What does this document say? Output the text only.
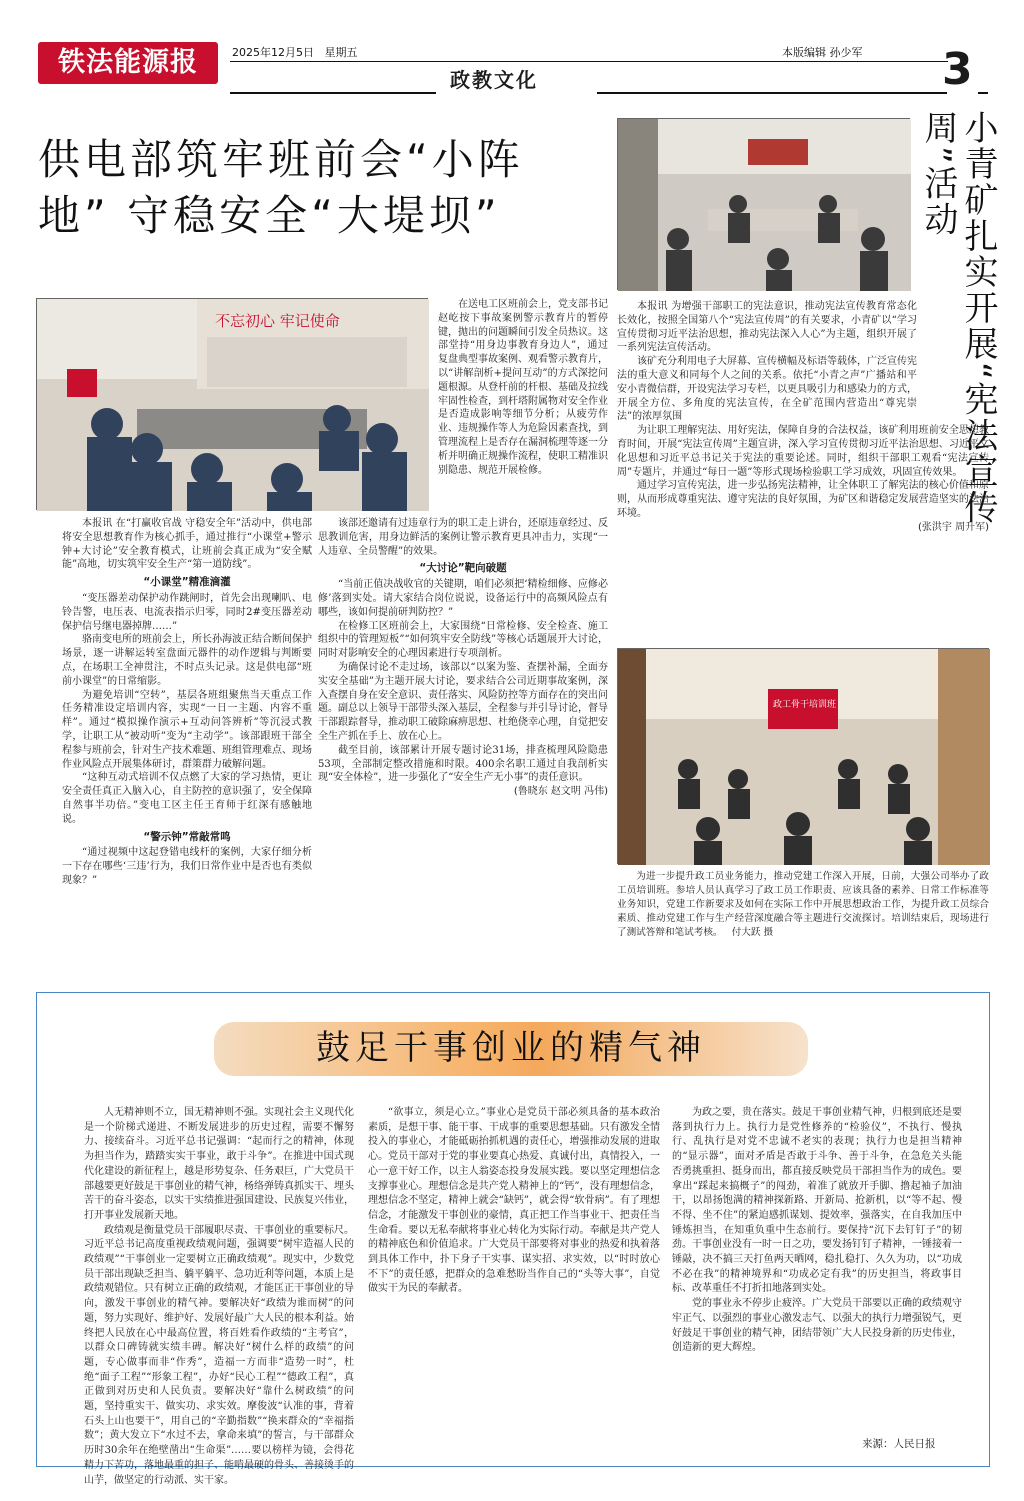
铁法能源报	2025年12月5日 星期五	本版编辑 孙少军
政教文化	3
供电部筑牢班前会“小阵
地” 守稳安全“大堤坝”
不忘初心 牢记使命

在送电工区班前会上，党支部书记赵屹按下事故案例警示教育片的暂停键，抛出的问题瞬间引发全员热议。这部堂持“用身边事教育身边人”，通过复盘典型事故案例、观看警示教育片，以“讲解剖析+提问互动”的方式深挖问题根源。从登杆前的杆根、基础及拉线牢固性检查，到杆塔附属物对安全作业是否造成影响等细节分析；从疲劳作业、违规操作等人为危险因素查找，到管理流程上是否存在漏洞梳理等逐一分析并明确正规操作流程，使职工精准识别隐患、规范开展检修。

本报讯 在“打赢收官战 守稳安全年”活动中，供电部将安全思想教育作为核心抓手，通过推行“小课堂+警示钟+大讨论”安全教育模式，让班前会真正成为“安全赋能”高地，切实筑牢安全生产“第一道防线”。

“小课堂”精准滴灌

“变压器差动保护动作跳闸时，首先会出现喇叭、电铃告警，电压表、电流表指示归零，同时2#变压器差动保护信号继电器掉牌……”

骆南变电所的班前会上，所长孙海波正结合断间保护场景，逐一讲解运转室盘面元器件的动作逻辑与判断要点，在场职工全神贯注，不时点头记录。这是供电部“班前小课堂”的日常缩影。

为避免培训“空转”，基层各班组聚焦当天重点工作任务精准设定培训内容，实现“一日一主题、内容不重样”。通过“模拟操作演示+互动问答辨析”等沉浸式教学，让职工从“被动听”变为“主动学”。该部跟班干部全程参与班前会，针对生产技术难题、班组管理难点、现场作业风险点开展集体研讨，群策群力破解问题。

“这种互动式培训不仅点燃了大家的学习热情，更让安全责任真正入脑入心，自主防控的意识强了，安全保障自然事半功倍。”变电工区主任王育师于红深有感触地说。

“警示钟”常敲常鸣

“通过视频中这起登错电线杆的案例，大家仔细分析一下存在哪些‘三违’行为，我们日常作业中是否也有类似现象？”

该部还邀请有过违章行为的职工走上讲台，还原违章经过、反思教训危害，用身边鲜活的案例让警示教育更具冲击力，实现“一人违章、全员警醒”的效果。

“大讨论”靶向破题

“当前正值决战收官的关键期，咱们必须把‘精检细修、应修必修’落到实处。请大家结合岗位说说，设备运行中的高频风险点有哪些，该如何提前研判防控？”

在检修工区班前会上，大家围绕“日常检修、安全检查、施工组织中的管理短板”“如何筑牢安全防线”等核心话题展开大讨论，同时对影响安全的心理因素进行专项剖析。

为确保讨论不走过场，该部以“以案为鉴、查摆补漏，全面夯实安全基础”为主题开展大讨论，要求结合公司近期事故案例，深入查摆自身在安全意识、责任落实、风险防控等方面存在的突出问题。副总以上领导干部带头深入基层，全程参与并引导讨论，督导干部跟踪督导，推动职工破除麻痹思想、杜绝侥幸心理，自觉把安全生产抓在手上、放在心上。

截至目前，该部累计开展专题讨论31场，排查梳理风险隐患53项，全部制定整改措施和时限。400余名职工通过自我剖析实现“安全体检”，进一步强化了“安全生产无小事”的责任意识。

(鲁晓东 赵文明 冯伟)

小青矿扎实开展“宪法宣传周”活动

本报讯 为增强干部职工的宪法意识，推动宪法宣传教育常态化长效化，按照全国第八个“宪法宣传周”的有关要求，小青矿以“学习宣传贯彻习近平法治思想，推动宪法深入人心”为主题，组织开展了一系列宪法宣传活动。

该矿充分利用电子大屏幕、宣传横幅及标语等载体，广泛宣传宪法的重大意义和同每个人之间的关系。依托“小青之声”广播站和平安小青微信群，开设宪法学习专栏，以更具吸引力和感染力的方式，开展全方位、多角度的宪法宣传，在全矿范围内营造出“尊宪崇法”的浓厚氛围

为让职工理解宪法、用好宪法，保障自身的合法权益，该矿利用班前安全思想教育时间，开展“宪法宣传周”主题宣讲，深入学习宣传贯彻习近平法治思想、习近平文化思想和习近平总书记关于宪法的重要论述。同时，组织干部职工观看“宪法宣传周”专题片，并通过“每日一题”等形式现场检验职工学习成效，巩固宣传效果。

通过学习宣传宪法，进一步弘扬宪法精神，让全体职工了解宪法的核心价值和原则，从而形成尊重宪法、遵守宪法的良好氛围，为矿区和谐稳定发展营造坚实的法治环境。

(张洪宇 周升军)

政工骨干培训班
为进一步提升政工员业务能力，推动党建工作深入开展，日前，大强公司举办了政工员培训班。参培人员认真学习了政工员工作职责、应该具备的素养、日常工作标准等业务知识，党建工作新要求及如何在实际工作中开展思想政治工作，为提升政工员综合素质、推动党建工作与生产经营深度融合等主题进行交流探讨。培训结束后，现场进行了测试答辩和笔试考核。 付大跃 摄
鼓足干事创业的精气神

人无精神则不立，国无精神则不强。实现社会主义现代化是一个阶梯式递进、不断发展进步的历史过程，需要不懈努力、接续奋斗。习近平总书记强调：“起而行之的精神，体现为担当作为，踏踏实实干事业，敢于斗争”。在推进中国式现代化建设的新征程上，越是形势复杂、任务艰巨，广大党员干部越要更好鼓足干事创业的精气神，杨络弹铸真抓实干、埋头苦干的奋斗姿态，以实干实绩推进强国建设、民族复兴伟业，打开事业发展新天地。

政绩观是衡量党员干部履职尽责、干事创业的重要标尺。习近平总书记高度重视政绩观问题，强调要“树牢造福人民的政绩观”“干事创业一定要树立正确政绩观”。现实中，少数党员干部出现缺乏担当、躺平躺平、急功近利等问题，本质上是政绩观错位。只有树立正确的政绩观，才能匡正干事创业的导向，激发干事创业的精气神。要解决好“政绩为谁而树”的问题，努力实现好、维护好、发展好最广大人民的根本利益。始终把人民放在心中最高位置，将百姓看作政绩的“主考官”，以群众口碑铸就实绩丰碑。解决好“树什么样的政绩”的问题，专心做事而非“作秀”，造福一方而非“造势一时”，杜绝“面子工程”“形象工程”，办好“民心工程”“德政工程”，真正做到对历史和人民负责。要解决好“靠什么树政绩”的问题，坚持重实干、做实功、求实效。摩俊波“认准的事，背着石头上山也要干”，用自己的“辛勤指数”“换来群众的“幸福指数”；黄大发立下“水过不去，拿命来填”的誓言，与干部群众历时30余年在绝壁凿出“生命渠”……要以榜样为镜，会得花精力下苦功，落地最重的担子、能啃最硬的骨头、善接烫手的山芋，做坚定的行动派、实干家。

“欲事立，须是心立。”事业心是党员干部必须具备的基本政治素质，是想干事、能干事、干成事的重要思想基础。只有激发全情投入的事业心，才能砥砺抬抓机遇的责任心，增强推动发展的进取心。党员干部对于党的事业要真心热爱、真诚付出，真情投入，一心一意干好工作，以主人翁姿态投身发展实践。要以坚定理想信念支撑事业心。理想信念是共产党人精神上的“钙”，没有理想信念，理想信念不坚定，精神上就会“缺钙”，就会得“软骨病”。有了理想信念，才能激发干事创业的豪情，真正把工作当事业干、把责任当生命看。要以无私奉献将事业心转化为实际行动。奉献是共产党人的精神底色和价值追求。广大党员干部要将对事业的热爱和执着落到具体工作中，扑下身子干实事、谋实招、求实效，以“时时放心不下”的责任感，把群众的急难愁盼当作自己的“头等大事”，自觉做实干为民的奉献者。

为政之要，贵在落实。鼓足干事创业精气神，归根到底还是要落到执行力上。执行力是党性修养的“检验仪”，不执行、慢执行、乱执行是对党不忠诚不老实的表现；执行力也是担当精神的“显示器”，面对矛盾是否敢于斗争、善于斗争，在急危关头能否勇挑重担、挺身而出，都直接反映党员干部担当作为的成色。要拿出“踩起来搞概子”的闯劲，着准了就放开手脚、撸起袖子加油干，以昂扬饱满的精神探新路、开新局、抢新机，以“等不起、慢不得、坐不住”的紧迫感抓谋划、提效率，强落实，在自我加压中锤炼担当，在知重负重中生态前行。要保持“沉下去钉钉子”的韧劲。干事创业没有一时一日之功，要发扬钉钉子精神，一锤接着一锤敲，决不搞三天打鱼两天晒网，稳扎稳打、久久为功，以“功成不必在我”的精神境界和“功成必定有我”的历史担当，将政事目标、改革重任不打折扣地落到实处。

党的事业永不停步止疲淬。广大党员干部要以正确的政绩观守牢正气、以强烈的事业心激发志气、以强大的执行力增强锐气，更好鼓足干事创业的精气神，团结带领广大人民投身新的历史伟业，创造新的更大辉煌。

来源：人民日报
